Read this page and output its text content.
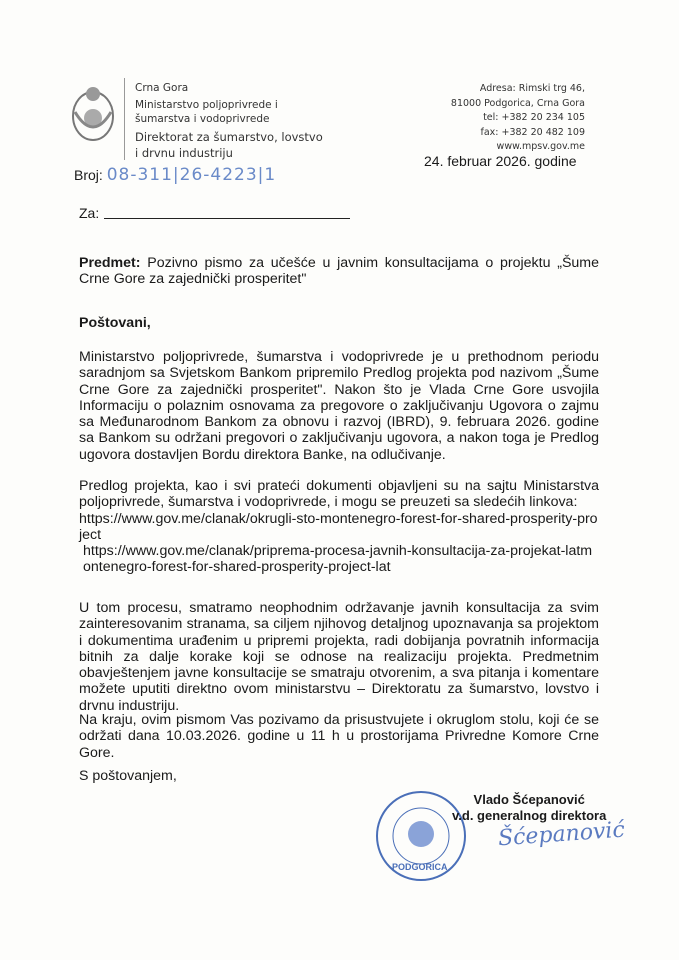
Crna Gora
Ministarstvo poljoprivrede i
šumarstva i vodoprivrede
Direktorat za šumarstvo, lovstvo
i drvnu industriju
Adresa: Rimski trg 46,
81000 Podgorica, Crna Gora
tel: +382 20 234 105
fax: +382 20 482 109
www.mpsv.gov.me
Broj: 08-311|26-4223|1
24. februar 2026. godine
Za:
Predmet: Pozivno pismo za učešće u javnim konsultacijama o projektu „Šume Crne Gore za zajednički prosperitet"
Poštovani,
Ministarstvo poljoprivrede, šumarstva i vodoprivrede je u prethodnom periodu saradnjom sa Svjetskom Bankom pripremilo Predlog projekta pod nazivom „Šume Crne Gore za zajednički prosperitet". Nakon što je Vlada Crne Gore usvojila Informaciju o polaznim osnovama za pregovore o zaključivanju Ugovora o zajmu sa Međunarodnom Bankom za obnovu i razvoj (IBRD), 9. februara 2026. godine sa Bankom su održani pregovori o zaključivanju ugovora, a nakon toga je Predlog ugovora dostavljen Bordu direktora Banke, na odlučivanje.
Predlog projekta, kao i svi prateći dokumenti objavljeni su na sajtu Ministarstva poljoprivrede, šumarstva i vodoprivrede, i mogu se preuzeti sa sledećih linkova:
https://www.gov.me/clanak/okrugli-sto-montenegro-forest-for-shared-prosperity-project
https://www.gov.me/clanak/priprema-procesa-javnih-konsultacija-za-projekat-latmontenegro-forest-for-shared-prosperity-project-lat
U tom procesu, smatramo neophodnim održavanje javnih konsultacija za svim zainteresovanim stranama, sa ciljem njihovog detaljnog upoznavanja sa projektom i dokumentima urađenim u pripremi projekta, radi dobijanja povratnih informacija bitnih za dalje korake koji se odnose na realizaciju projekta. Predmetnim obavještenjem javne konsultacije se smatraju otvorenim, a sva pitanja i komentare možete uputiti direktno ovom ministarstvu – Direktoratu za šumarstvo, lovstvo i drvnu industriju.
Na kraju, ovim pismom Vas pozivamo da prisustvujete i okruglom stolu, koji će se održati dana 10.03.2026. godine u 11 h u prostorijama Privredne Komore Crne Gore.
S poštovanjem,
PODGORICA
Vlado Šćepanović
v.d. generalnog direktora
Šćepanović
